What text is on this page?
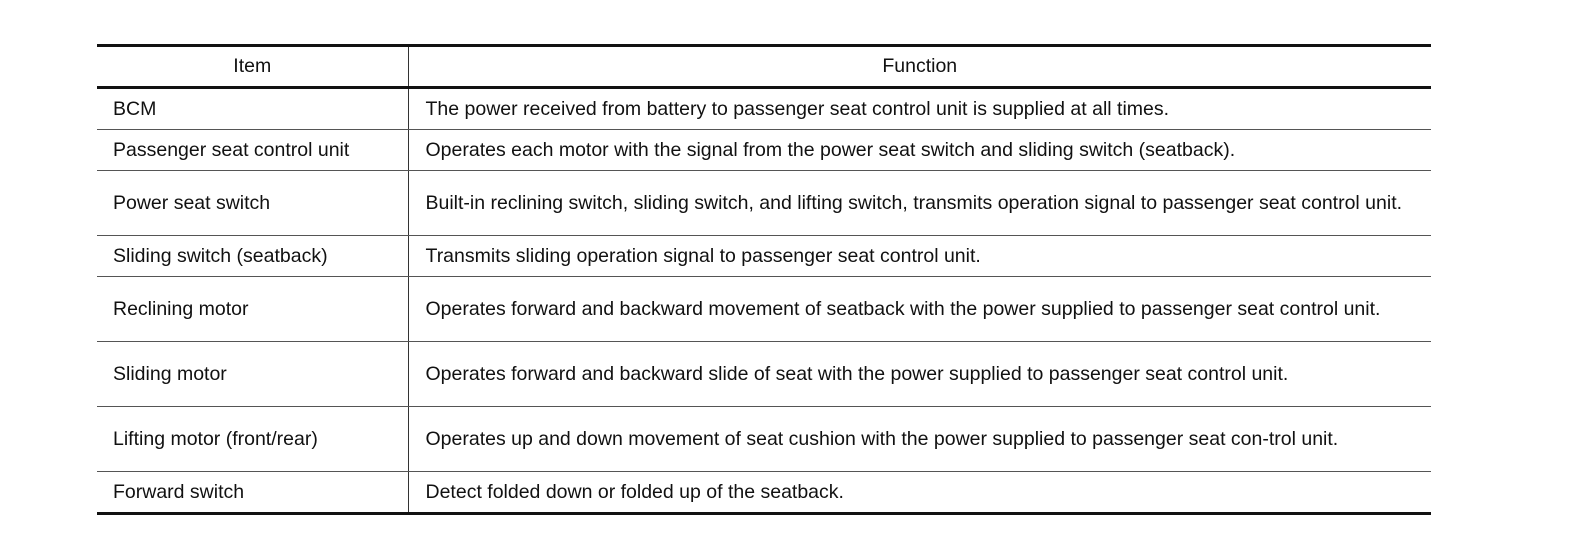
Item	Function
BCM	The power received from battery to passenger seat control unit is supplied at all times.
Passenger seat control unit	Operates each motor with the signal from the power seat switch and sliding switch (seatback).
Power seat switch	Built-in reclining switch, sliding switch, and lifting switch, transmits operation signal to passenger seat control unit.
Sliding switch (seatback)	Transmits sliding operation signal to passenger seat control unit.
Reclining motor	Operates forward and backward movement of seatback with the power supplied to passenger seat control unit.
Sliding motor	Operates forward and backward slide of seat with the power supplied to passenger seat control unit.
Lifting motor (front/rear)	Operates up and down movement of seat cushion with the power supplied to passenger seat con-trol unit.
Forward switch	Detect folded down or folded up of the seatback.
